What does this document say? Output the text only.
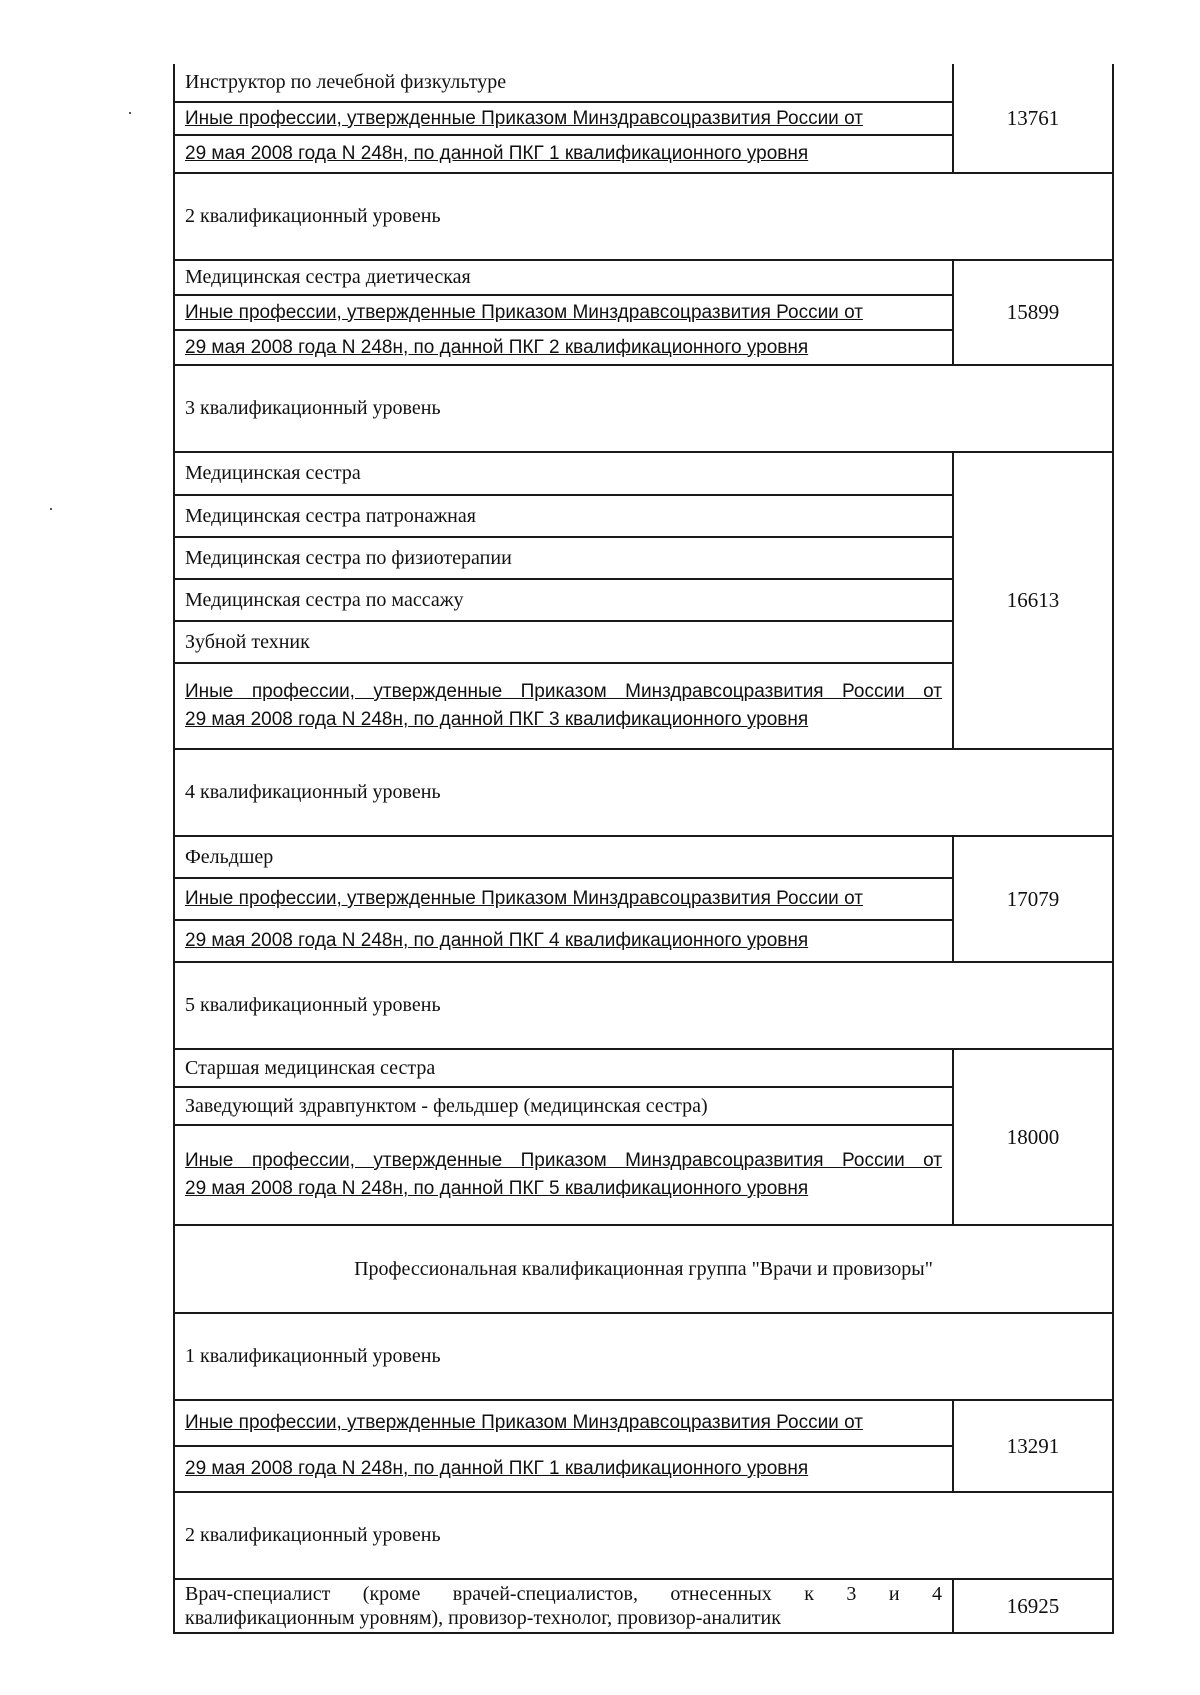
Инструктор по лечебной физкультуре	13761
Иные профессии, утвержденные Приказом Минздравсоцразвития России от	
29 мая 2008 года N 248н, по данной ПКГ 1 квалификационного уровня	
2 квалификационный уровень	
Медицинская сестра диетическая	15899
Иные профессии, утвержденные Приказом Минздравсоцразвития России от	
29 мая 2008 года N 248н, по данной ПКГ 2 квалификационного уровня	
3 квалификационный уровень	
Медицинская сестра	16613
Медицинская сестра патронажная	
Медицинская сестра по физиотерапии	
Медицинская сестра по массажу	
Зубной техник	

Иные профессии, утвержденные Приказом Минздравсоцразвития России от
29 мая 2008 года N 248н, по данной ПКГ 3 квалификационного уровня	

4 квалификационный уровень	
Фельдшер	17079
Иные профессии, утвержденные Приказом Минздравсоцразвития России от	
29 мая 2008 года N 248н, по данной ПКГ 4 квалификационного уровня	
5 квалификационный уровень	
Старшая медицинская сестра	18000
Заведующий здравпунктом - фельдшер (медицинская сестра)	

Иные профессии, утвержденные Приказом Минздравсоцразвития России от
29 мая 2008 года N 248н, по данной ПКГ 5 квалификационного уровня	

Профессиональная квалификационная группа "Врачи и провизоры"	
1 квалификационный уровень	
Иные профессии, утвержденные Приказом Минздравсоцразвития России от	13291
29 мая 2008 года N 248н, по данной ПКГ 1 квалификационного уровня	
2 квалификационный уровень	

Врач-специалист (кроме врачей-специалистов, отнесенных к 3 и 4
квалификационным уровням), провизор-технолог, провизор-аналитик	16925
